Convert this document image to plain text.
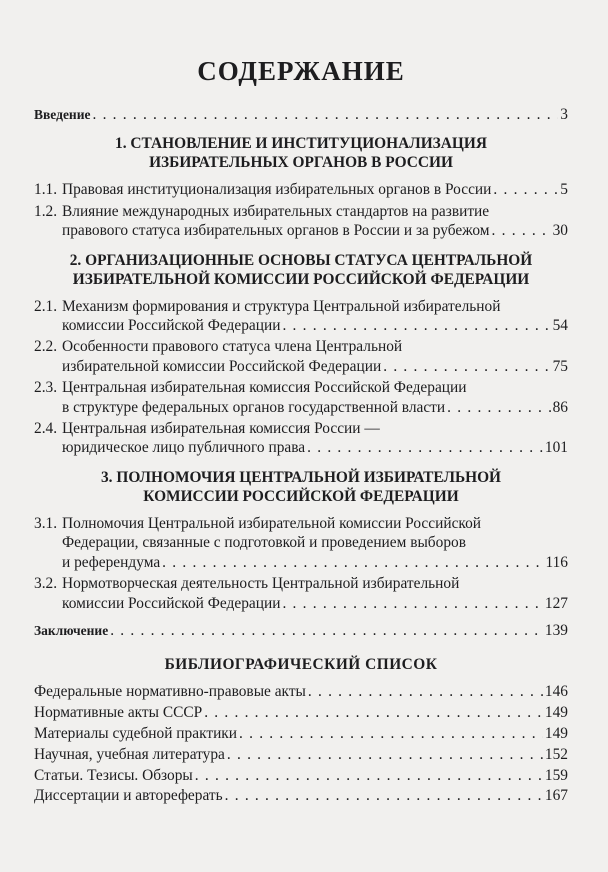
СОДЕРЖАНИЕ
Введение . . .	3
1. СТАНОВЛЕНИЕ И ИНСТИТУЦИОНАЛИЗАЦИЯ
ИЗБИРАТЕЛЬНЫХ ОРГАНОВ В РОССИИ
1.1. Правовая институционализация избирательных органов в России . . .	5
1.2. Влияние международных избирательных стандартов на развитие
правового статуса избирательных органов в России и за рубежом . . .	30
2. ОРГАНИЗАЦИОННЫЕ ОСНОВЫ СТАТУСА ЦЕНТРАЛЬНОЙ
ИЗБИРАТЕЛЬНОЙ КОМИССИИ РОССИЙСКОЙ ФЕДЕРАЦИИ
2.1. Механизм формирования и структура Центральной избирательной
комиссии Российской Федерации . . .	54
2.2. Особенности правового статуса члена Центральной
избирательной комиссии Российской Федерации . . .	75
2.3. Центральная избирательная комиссия Российской Федерации
в структуре федеральных органов государственной власти . . .	86
2.4. Центральная избирательная комиссия России —
юридическое лицо публичного права . . .	101
3. ПОЛНОМОЧИЯ ЦЕНТРАЛЬНОЙ ИЗБИРАТЕЛЬНОЙ
КОМИССИИ РОССИЙСКОЙ ФЕДЕРАЦИИ
3.1. Полномочия Центральной избирательной комиссии Российской
Федерации, связанные с подготовкой и проведением выборов
и референдума . . .	116
3.2. Нормотворческая деятельность Центральной избирательной
комиссии Российской Федерации . . .	127
Заключение . . .	139
БИБЛИОГРАФИЧЕСКИЙ СПИСОК
Федеральные нормативно-правовые акты . . .	146
Нормативные акты СССР . . .	149
Материалы судебной практики . . .	149
Научная, учебная литература . . .	152
Статьи. Тезисы. Обзоры . . .	159
Диссертации и автореферать . . .	167
